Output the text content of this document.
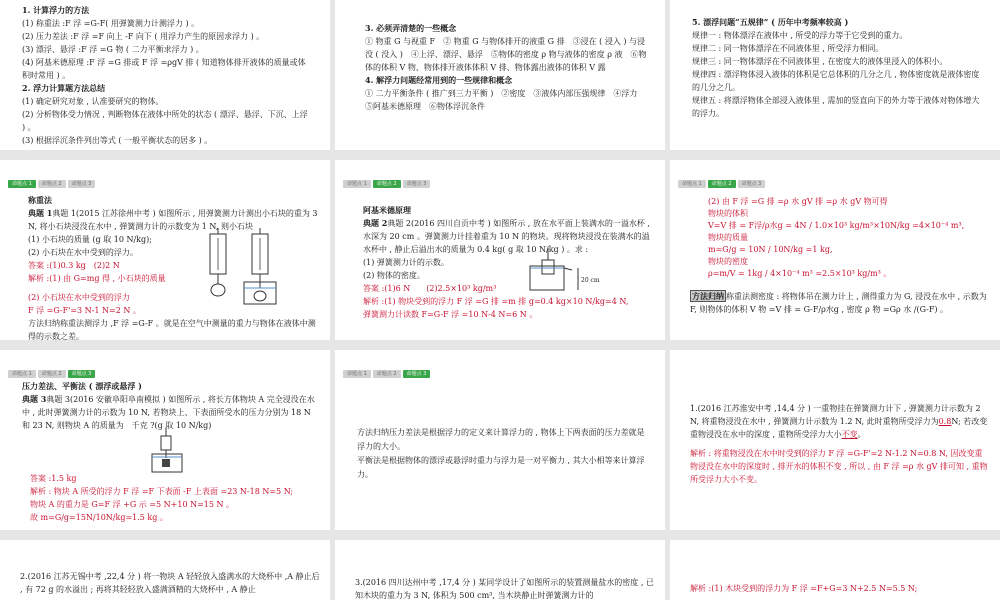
1. 计算浮力的方法

(1) 称重法 :F 浮 =G-F( 用弹簧测力计测浮力 ) 。

(2) 压力差法 :F 浮 =F 向上 -F 向下 ( 用浮力产生的原因求浮力 ) 。

(3) 漂浮、悬浮 :F 浮 =G 物 ( 二力平衡求浮力 ) 。

(4) 阿基米德原理 :F 浮 =G 排或 F 浮 =ρgV 排 ( 知道物体排开液体的质量或体积时常用 ) 。

2. 浮力计算题方法总结

(1) 确定研究对象 , 认准要研究的物体。

(2) 分析物体受力情况 , 判断物体在液体中所处的状态 ( 漂浮、悬浮、下沉、上浮 ) 。

(3) 根据浮沉条件列出等式 ( 一般平衡状态的居多 ) 。

3. 必须弄清楚的一些概念

① 物重 G 与视重 F　② 物重 G 与物体排开的液重 G 排　③浸在 ( 浸入 ) 与浸没 ( 没入 )　④上浮、漂浮、悬浮　⑤物体的密度 ρ 物与液体的密度 ρ 液　⑥物体的体积 V 物、物体排开液体体积 V 排、物体露出液体的体积 V 露

4. 解浮力问题经常用到的一些规律和概念

① 二力平衡条件 ( 推广到三力平衡 )　②密度　③液体内部压强规律　④浮力　⑤阿基米德原理　⑥物体浮沉条件

5. 漂浮问题“五规律” ( 历年中考频率较高 )

规律一 : 物体漂浮在液体中 , 所受的浮力等于它受到的重力。

规律二 : 同一物体漂浮在不同液体里 , 所受浮力相同。

规律三 : 同一物体漂浮在不同液体里 , 在密度大的液体里浸入的体积小。

规律四 : 漂浮物体浸入液体的体积是它总体积的几分之几 , 物体密度就是液体密度的几分之几。

规律五 : 将漂浮物体全部浸入液体里 , 需加的竖直向下的外力等于液体对物体增大的浮力。

命题点 1	命题点 2	命题点 3

称重法

典题 1典题 1(2015 江苏徐州中考 ) 如图所示 , 用弹簧测力计测出小石块的重为 3 N, 将小石块浸没在水中 , 弹簧测力计的示数变为 1 N, 则小石块

(1) 小石块的质量 (g 取 10 N/kg);

(2) 小石块在水中受到的浮力。

答案 :(1)0.3 kg　(2)2 N

解析 :(1) 由 G=mg 得 , 小石块的质量

(2) 小石块在水中受到的浮力

F 浮 =G-F'=3 N-1 N=2 N 。

方法归纳称重法测浮力 ,F 浮 =G-F 。就是在空气中测量的重力与物体在液体中测得的示数之差。

命题点 1	命题点 2	命题点 3

阿基米德原理

典题 2典题 2(2016 四川自贡中考 ) 如图所示 , 放在水平面上装满水的一溢水杯 , 水深为 20 cm 。弹簧测力计挂着重为 10 N 的物块。现将物块浸没在装满水的溢水杯中 , 静止后溢出水的质量为 0.4 kg( g 取 10 N/kg ) 。求 :

(1) 弹簧测力计的示数。

(2) 物体的密度。

答案 :(1)6 N　　(2)2.5×10³ kg/m³

解析 :(1) 物块受到的浮力 F 浮 =G 排 =m 排 g=0.4 kg×10 N/kg=4 N,

弹簧测力计读数 F=G-F 浮 =10 N-4 N=6 N 。

20 cm
命题点 1	命题点 2	命题点 3

(2) 由 F 浮 =G 排 =ρ 水 gV 排 =ρ 水 gV 物可得

物块的体积

V=V 排 = F浮/ρ水g = 4N / 1.0×10³ kg/m³×10N/kg =4×10⁻⁴ m³,

物块的质量

m=G/g = 10N / 10N/kg =1 kg,

物块的密度

ρ=m/V = 1kg / 4×10⁻⁴ m³ =2.5×10³ kg/m³ 。

方法归纳 称重法测密度 : 将物体吊在测力计上 , 测得重力为 G, 浸没在水中 , 示数为 F, 则物体的体积 V 物 =V 排 = G-F/ρ水g , 密度 ρ 物 =Gρ 水 /(G-F) 。

命题点 1	命题点 2	命题点 3

压力差法、平衡法 ( 漂浮或悬浮 )

典题 3典题 3(2016 安徽阜阳阜南模拟 ) 如图所示 , 将长方体物块 A 完全浸没在水中 , 此时弹簧测力计的示数为 10 N, 若物块上、下表面所受水的压力分别为 18 N 和 23 N, 则物块 A 的质量为　千克 ?(g 取 10 N/kg)

答案 :1.5 kg

解析 : 物块 A 所受的浮力 F 浮 =F 下表面 -F 上表面 =23 N-18 N=5 N;

物块 A 的重力是 G=F 浮 +G 示 =5 N+10 N=15 N 。

故 m=G/g=15N/10N/kg=1.5 kg 。

命题点 1	命题点 2	命题点 3

方法归纳压力差法是根据浮力的定义来计算浮力的 , 物体上下两表面的压力差就是浮力的大小。

平衡法是根据物体的漂浮或悬浮时重力与浮力是一对平衡力 , 其大小相等来计算浮力。

1.(2016 江苏淮安中考 ,14,4 分 ) 一重物挂在弹簧测力计下 , 弹簧测力计示数为 2 N, 将重物浸没在水中 , 弹簧测力计示数为 1.2 N, 此时重物所受浮力为0.8N; 若改变重物浸没在水中的深度 , 重物所受浮力大小不变。

解析 : 将重物浸没在水中时受到的浮力 F 浮 =G-F'=2 N-1.2 N=0.8 N, 因改变重物浸没在水中的深度时 , 排开水的体积不变 , 所以 , 由 F 浮 =ρ 水 gV 排可知 , 重物所受浮力大小不变。

2.(2016 江苏无锡中考 ,22,4 分 ) 将一物块 A 轻轻放入盛满水的大烧杯中 ,A 静止后 , 有 72 g 的水溢出 ; 再将其轻轻放入盛满酒精的大烧杯中 , A 静止

3.(2016 四川达州中考 ,17,4 分 ) 某同学设计了如图所示的装置测量盐水的密度 , 已知木块的重力为 3 N, 体积为 500 cm³, 当木块静止时弹簧测力计的

解析 :(1) 木块受到的浮力为 F 浮 =F+G=3 N+2.5 N=5.5 N;
